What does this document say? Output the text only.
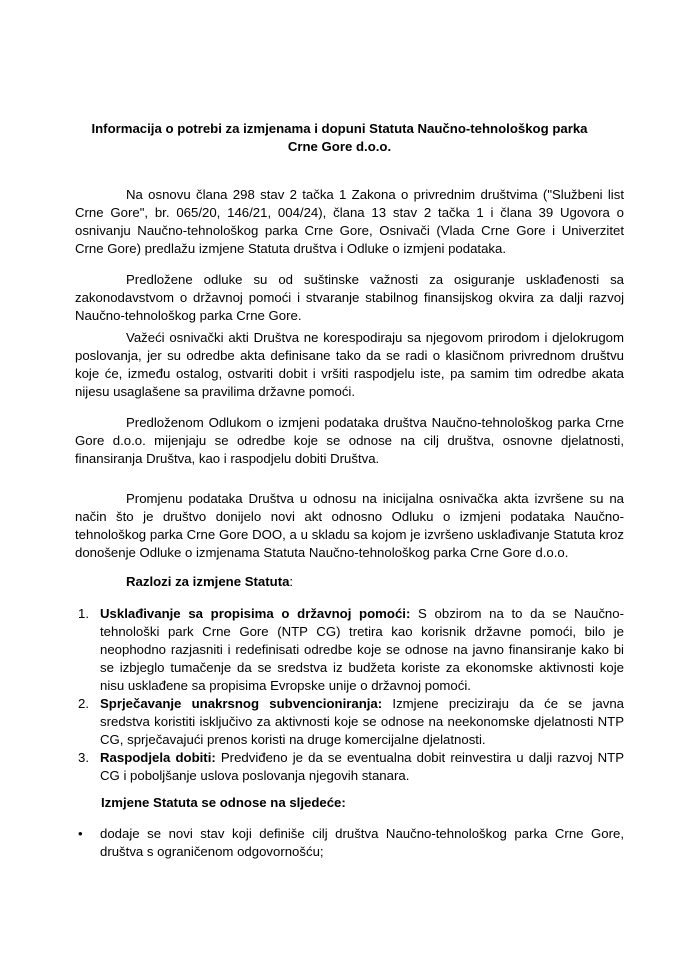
Informacija o potrebi za izmjenama i dopuni Statuta Naučno-tehnološkog parka
Crne Gore d.o.o.

Na osnovu člana 298 stav 2 tačka 1 Zakona o privrednim društvima ("Službeni list Crne Gore", br. 065/20, 146/21, 004/24), člana 13 stav 2 tačka 1 i člana 39 Ugovora o osnivanju Naučno-tehnološkog parka Crne Gore, Osnivači (Vlada Crne Gore i Univerzitet Crne Gore) predlažu izmjene Statuta društva i Odluke o izmjeni podataka.

Predložene odluke su od suštinske važnosti za osiguranje usklađenosti sa zakonodavstvom o državnoj pomoći i stvaranje stabilnog finansijskog okvira za dalji razvoj Naučno-tehnološkog parka Crne Gore.

Važeći osnivački akti Društva ne korespodiraju sa njegovom prirodom i djelokrugom poslovanja, jer su odredbe akta definisane tako da se radi o klasičnom privrednom društvu koje će, između ostalog, ostvariti dobit i vršiti raspodjelu iste, pa samim tim odredbe akata nijesu usaglašene sa pravilima državne pomoći.

Predloženom Odlukom o izmjeni podataka društva Naučno-tehnološkog parka Crne Gore d.o.o. mijenjaju se odredbe koje se odnose na cilj društva, osnovne djelatnosti, finansiranja Društva, kao i raspodjelu dobiti Društva.

Promjenu podataka Društva u odnosu na inicijalna osnivačka akta izvršene su na način što je društvo donijelo novi akt odnosno Odluku o izmjeni podataka Naučno-tehnološkog parka Crne Gore DOO, a u skladu sa kojom je izvršeno usklađivanje Statuta kroz donošenje Odluke o izmjenama Statuta Naučno-tehnološkog parka Crne Gore d.o.o.

Razlozi za izmjene Statuta:

1. Usklađivanje sa propisima o državnoj pomoći: S obzirom na to da se Naučno-tehnološki park Crne Gore (NTP CG) tretira kao korisnik državne pomoći, bilo je neophodno razjasniti i redefinisati odredbe koje se odnose na javno finansiranje kako bi se izbjeglo tumačenje da se sredstva iz budžeta koriste za ekonomske aktivnosti koje nisu usklađene sa propisima Evropske unije o državnoj pomoći.
2. Sprječavanje unakrsnog subvencioniranja: Izmjene preciziraju da će se javna sredstva koristiti isključivo za aktivnosti koje se odnose na neekonomske djelatnosti NTP CG, sprječavajući prenos koristi na druge komercijalne djelatnosti.
3. Raspodjela dobiti: Predviđeno je da se eventualna dobit reinvestira u dalji razvoj NTP CG i poboljšanje uslova poslovanja njegovih stanara.

Izmjene Statuta se odnose na sljedeće:

• dodaje se novi stav koji definiše cilj društva Naučno-tehnološkog parka Crne Gore, društva s ograničenom odgovornošću;
